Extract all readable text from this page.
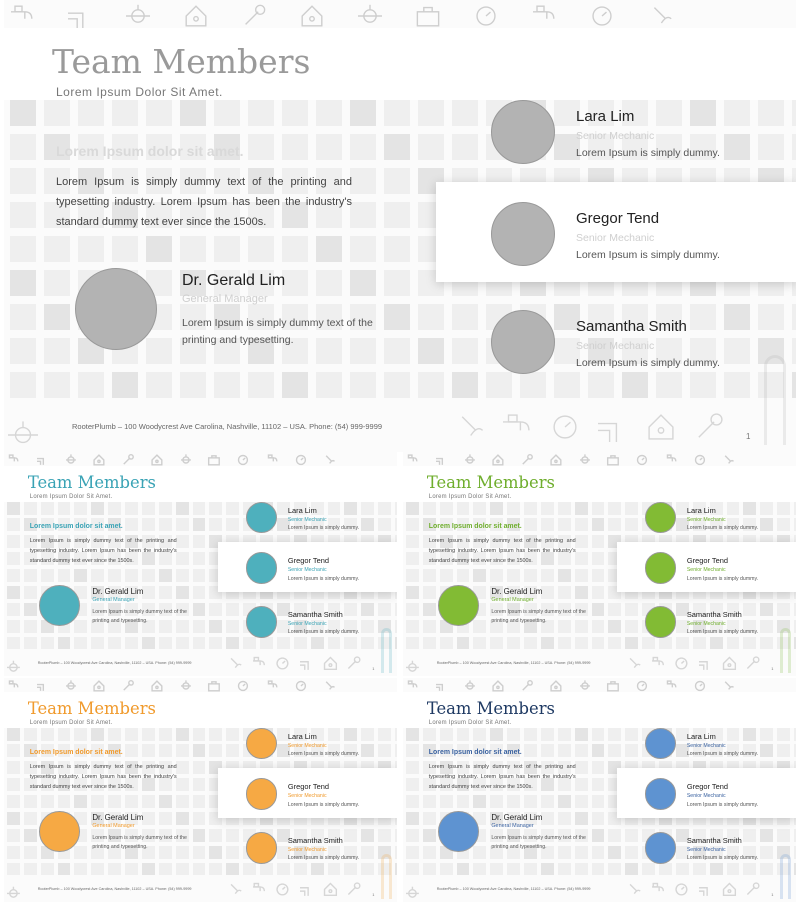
Team Members
Lorem Ipsum Dolor Sit Amet.
Lorem Ipsum dolor sit amet.
Lorem Ipsum is simply dummy text of the printing and typesetting industry. Lorem Ipsum has been the industry's standard dummy text ever since the 1500s.
Dr. Gerald Lim
General Manager
Lorem Ipsum is simply dummy text of the printing and typesetting.
Lara Lim
Senior Mechanic
Lorem Ipsum is simply dummy.
Gregor Tend
Senior Mechanic
Lorem Ipsum is simply dummy.
Samantha Smith
Senior Mechanic
Lorem Ipsum is simply dummy.
RooterPlumb – 100 Woodycrest Ave Carolina, Nashville, 11102 – USA. Phone: (54) 999-9999
1
Team Members
Lorem Ipsum Dolor Sit Amet.
Lorem Ipsum dolor sit amet.
Lorem Ipsum is simply dummy text of the printing and typesetting industry. Lorem Ipsum has been the industry's standard dummy text ever since the 1500s.
Dr. Gerald Lim
General Manager
Lorem Ipsum is simply dummy text of the printing and typesetting.
Lara Lim
Senior Mechanic
Lorem Ipsum is simply dummy.
Gregor Tend
Senior Mechanic
Lorem Ipsum is simply dummy.
Samantha Smith
Senior Mechanic
Lorem Ipsum is simply dummy.
RooterPlumb – 100 Woodycrest Ave Carolina, Nashville, 11102 – USA. Phone: (54) 999-9999
1
Team Members
Lorem Ipsum Dolor Sit Amet.
Lorem Ipsum dolor sit amet.
Lorem Ipsum is simply dummy text of the printing and typesetting industry. Lorem Ipsum has been the industry's standard dummy text ever since the 1500s.
Dr. Gerald Lim
General Manager
Lorem Ipsum is simply dummy text of the printing and typesetting.
Lara Lim
Senior Mechanic
Lorem Ipsum is simply dummy.
Gregor Tend
Senior Mechanic
Lorem Ipsum is simply dummy.
Samantha Smith
Senior Mechanic
Lorem Ipsum is simply dummy.
RooterPlumb – 100 Woodycrest Ave Carolina, Nashville, 11102 – USA. Phone: (54) 999-9999
1
Team Members
Lorem Ipsum Dolor Sit Amet.
Lorem Ipsum dolor sit amet.
Lorem Ipsum is simply dummy text of the printing and typesetting industry. Lorem Ipsum has been the industry's standard dummy text ever since the 1500s.
Dr. Gerald Lim
General Manager
Lorem Ipsum is simply dummy text of the printing and typesetting.
Lara Lim
Senior Mechanic
Lorem Ipsum is simply dummy.
Gregor Tend
Senior Mechanic
Lorem Ipsum is simply dummy.
Samantha Smith
Senior Mechanic
Lorem Ipsum is simply dummy.
RooterPlumb – 100 Woodycrest Ave Carolina, Nashville, 11102 – USA. Phone: (54) 999-9999
1
Team Members
Lorem Ipsum Dolor Sit Amet.
Lorem Ipsum dolor sit amet.
Lorem Ipsum is simply dummy text of the printing and typesetting industry. Lorem Ipsum has been the industry's standard dummy text ever since the 1500s.
Dr. Gerald Lim
General Manager
Lorem Ipsum is simply dummy text of the printing and typesetting.
Lara Lim
Senior Mechanic
Lorem Ipsum is simply dummy.
Gregor Tend
Senior Mechanic
Lorem Ipsum is simply dummy.
Samantha Smith
Senior Mechanic
Lorem Ipsum is simply dummy.
RooterPlumb – 100 Woodycrest Ave Carolina, Nashville, 11102 – USA. Phone: (54) 999-9999
1
